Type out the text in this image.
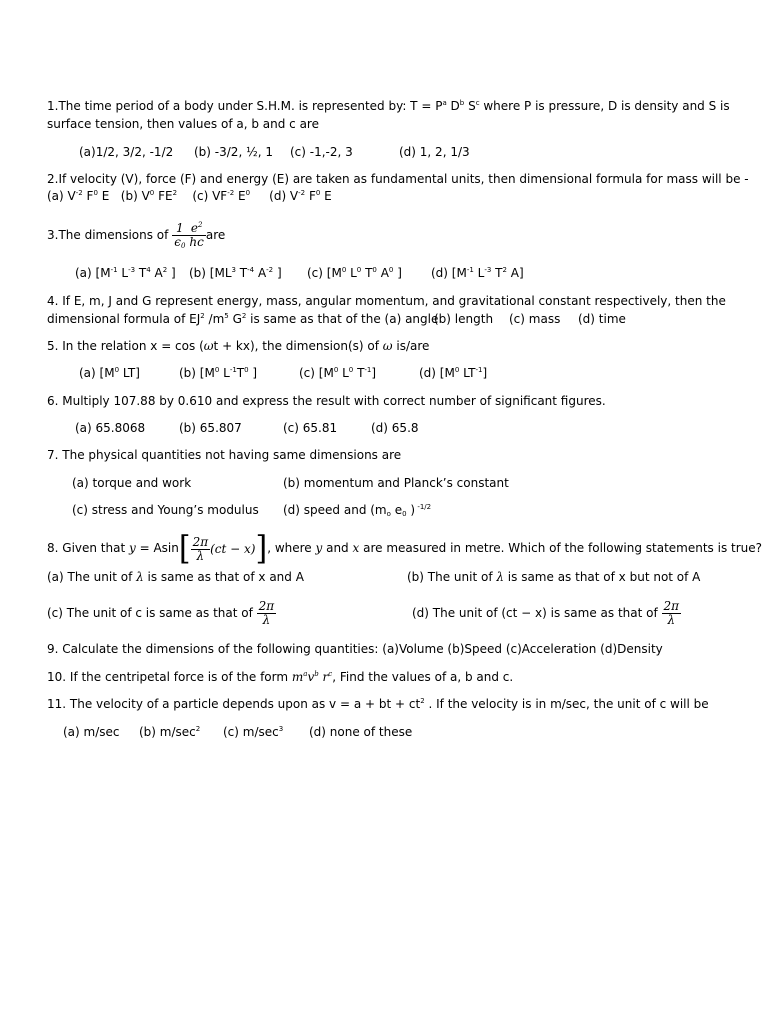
1.The time period of a body under S.H.M. is represented by: $T = P^a$ $D^b$ $S^c$ where P is pressure, D is density and S is
surface tension, then values of a, b and c are
(a)1/2, 3/2, -1/2 (b) -3/2, ½, 1 (c) -1,-2, 3	(d) 1, 2, 1/3
2.If velocity (V), force (F) and energy (E) are taken as fundamental units, then dimensional formula for mass will be -
(a) $V^{-2}$ $F^0$ E (b) $V^0$ $FE^2$ (c) $VF^{-2}$ $E^0$ (d) $V^{-2}$ $F^0$ E
3.The dimensions of $\frac{1}{\epsilon_0} \frac{e^2}{hc}$ are
(a) [$M^{-1}$ $L^{-3}$ $T^4$ $A^2$ ] (b) [$ML^3$ $T^{-4}$ $A^{-2}$ ] (c) [$M^0$ $L^0$ $T^0$ $A^0$ ] (d) [$M^{-1}$ $L^{-3}$ $T^2$ A]
4. If E, m, J and G represent energy, mass, angular momentum, and gravitational constant respectively, then the
dimensional formula of $EJ^2$ $/m^5$ $G^2$ is same as that of the (a) angle
(b) length (c) mass (d) time
5. In the relation x = cos (ωt + kx), the dimension(s) of ω is/are
(a) [$M^0$ LT]	(b) [$M^0$ $L^{-1}T^0$ ]	(c) [$M^0$ $L^0$ $T^{-1}$]	(d) [$M^0$ $LT^{-1}$]
6. Multiply 107.88 by 0.610 and express the result with correct number of significant figures.
(a) 65.8068	(b) 65.807	(c) 65.81	(d) 65.8
7. The physical quantities not having same dimensions are
(a) torque and work	(b) momentum and Planck’s constant
(c) stress and Young’s modulus (d) speed and ($m_o$ $e_0$ ) $^{-1/2}$
8. Given that $y = Asin[ \frac{2\pi}{\lambda} (ct - x)]$, where y and x are measured in metre. Which of the following statements is true?
(a) The unit of λ is same as that of x and A	(b) The unit of λ is same as that of x but not of A
(c) The unit of c is same as that of $\frac{2\pi}{\lambda}$	(d) The unit of (ct − x) is same as that of $\frac{2\pi}{\lambda}$
9. Calculate the dimensions of the following quantities: (a)Volume (b)Speed (c)Acceleration (d)Density
10. If the centripetal force is of the form $m^av^b$ $r^c$, Find the values of a, b and c.
11. The velocity of a particle depends upon as v = a + bt + $ct^2$ . If the velocity is in m/sec, the unit of c will be
(a) m/sec (b) $m/\sec^2$ (c) $m/\sec^3$ (d) none of these
